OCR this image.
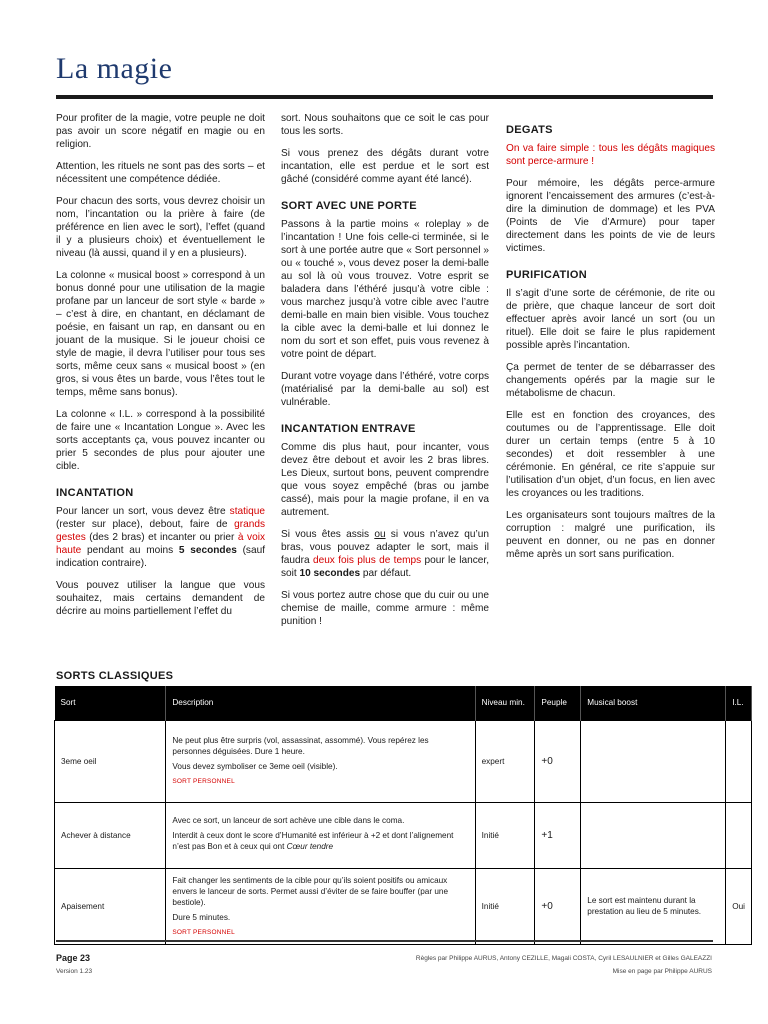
La magie

Pour profiter de la magie, votre peuple ne doit pas avoir un score négatif en magie ou en religion.

Attention, les rituels ne sont pas des sorts – et nécessitent une compétence dédiée.

Pour chacun des sorts, vous devrez choisir un nom, l’incantation ou la prière à faire (de préférence en lien avec le sort), l’effet (quand il y a plusieurs choix) et éventuellement le niveau (là aussi, quand il y en a plusieurs).

La colonne « musical boost » correspond à un bonus donné pour une utilisation de la magie profane par un lanceur de sort style « barde » – c’est à dire, en chantant, en déclamant de poésie, en faisant un rap, en dansant ou en jouant de la musique. Si le joueur choisi ce style de magie, il devra l’utiliser pour tous ses sorts, même ceux sans « musical boost » (en gros, si vous êtes un barde, vous l’êtes tout le temps, même sans bonus).

La colonne « I.L. » correspond à la possibilité de faire une « Incantation Longue ». Avec les sorts acceptants ça, vous pouvez incanter ou prier 5 secondes de plus pour ajouter une cible.

INCANTATION

Pour lancer un sort, vous devez être statique (rester sur place), debout, faire de grands gestes (des 2 bras) et incanter ou prier à voix haute pendant au moins 5 secondes (sauf indication contraire).

Vous pouvez utiliser la langue que vous souhaitez, mais certains demandent de décrire au moins partiellement l’effet du

sort. Nous souhaitons que ce soit le cas pour tous les sorts.

Si vous prenez des dégâts durant votre incantation, elle est perdue et le sort est gâché (considéré comme ayant été lancé).

SORT AVEC UNE PORTE

Passons à la partie moins « roleplay » de l’incantation ! Une fois celle-ci terminée, si le sort à une portée autre que « Sort personnel » ou « touché », vous devez poser la demi-balle au sol là où vous trouvez. Votre esprit se baladera dans l’éthéré jusqu’à votre cible : vous marchez jusqu’à votre cible avec l’autre demi-balle en main bien visible. Vous touchez la cible avec la demi-balle et lui donnez le nom du sort et son effet, puis vous revenez à votre point de départ.

Durant votre voyage dans l’éthéré, votre corps (matérialisé par la demi-balle au sol) est vulnérable.

INCANTATION ENTRAVE

Comme dis plus haut, pour incanter, vous devez être debout et avoir les 2 bras libres. Les Dieux, surtout bons, peuvent comprendre que vous soyez empêché (bras ou jambe cassé), mais pour la magie profane, il en va autrement.

Si vous êtes assis ou si vous n’avez qu’un bras, vous pouvez adapter le sort, mais il faudra deux fois plus de temps pour le lancer, soit 10 secondes par défaut.

Si vous portez autre chose que du cuir ou une chemise de maille, comme armure : même punition !

DEGATS

On va faire simple : tous les dégâts magiques sont perce-armure !

Pour mémoire, les dégâts perce-armure ignorent l’encaissement des armures (c’est-à-dire la diminution de dommage) et les PVA (Points de Vie d’Armure) pour taper directement dans les points de vie de leurs victimes.

PURIFICATION

Il s’agit d’une sorte de cérémonie, de rite ou de prière, que chaque lanceur de sort doit effectuer après avoir lancé un sort (ou un rituel). Elle doit se faire le plus rapidement possible après l’incantation.

Ça permet de tenter de se débarrasser des changements opérés par la magie sur le métabolisme de chacun.

Elle est en fonction des croyances, des coutumes ou de l’apprentissage. Elle doit durer un certain temps (entre 5 à 10 secondes) et doit ressembler à une cérémonie. En général, ce rite s’appuie sur l’utilisation d’un objet, d’un focus, en lien avec les croyances ou les traditions.

Les organisateurs sont toujours maîtres de la corruption : malgré une purification, ils peuvent en donner, ou ne pas en donner même après un sort sans purification.

SORTS CLASSIQUES
Sort	Description	Niveau min.	Peuple	Musical boost	I.L.
3eme oeil	Ne peut plus être surpris (vol, assassinat, assommé). Vous repérez les personnes déguisées. Dure 1 heure.

Vous devez symboliser ce 3eme oeil (visible).

SORT PERSONNEL	expert	+0		
Achever à distance	Avec ce sort, un lanceur de sort achève une cible dans le coma.

Interdit à ceux dont le score d’Humanité est inférieur à +2 et dont l’alignement n’est pas Bon et à ceux qui ont Cœur tendre	Initié	+1		
Apaisement	Fait changer les sentiments de la cible pour qu’ils soient positifs ou amicaux envers le lanceur de sorts. Permet aussi d’éviter de se faire bouffer (par une bestiole).

Dure 5 minutes.

SORT PERSONNEL	Initié	+0	Le sort est maintenu durant la prestation au lieu de 5 minutes.	Oui
Page 23
Version 1.23
Règles par Philippe AURUS, Antony CEZILLE, Magali COSTA, Cyril LESAULNIER et Gilles GALEAZZI
Mise en page par Philippe AURUS
